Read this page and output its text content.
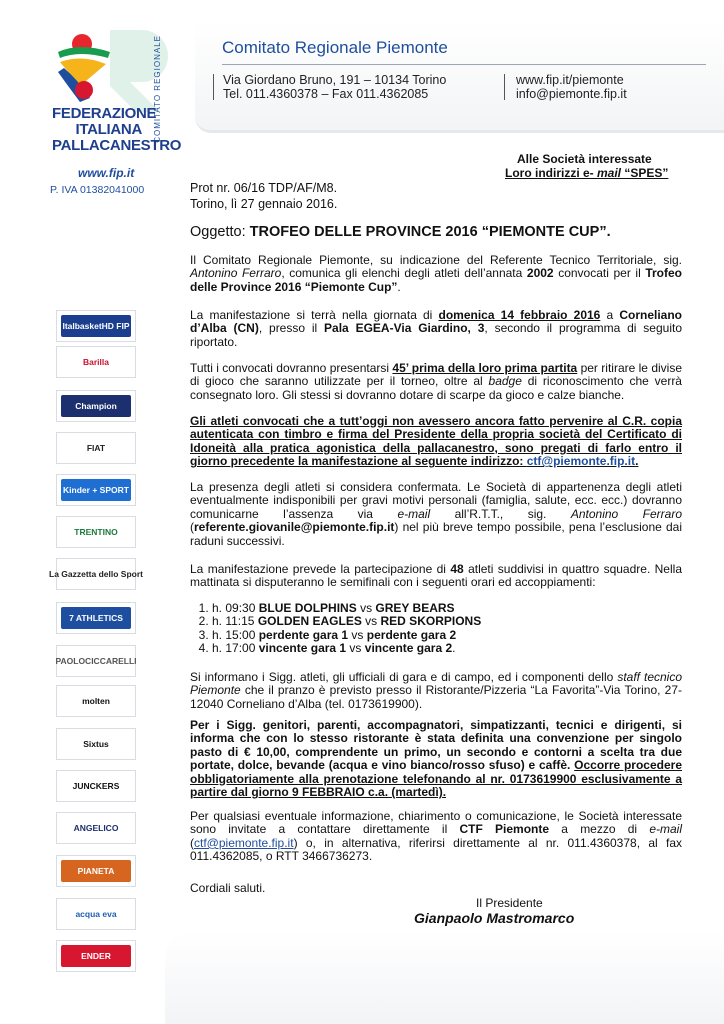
Comitato Regionale Piemonte
Via Giordano Bruno, 191 – 10134 Torino
Tel. 011.4360378 – Fax 011.4362085
www.fip.it/piemonte
info@piemonte.fip.it
COMITATO REGIONALE
FEDERAZIONE
ITALIANA
PALLACANESTRO
www.fip.it
P. IVA 01382041000
ItalbasketHD FIP
Barilla
Champion
FIAT
Kinder + SPORT
TRENTINO
La Gazzetta dello Sport
7 ATHLETICS
PAOLOCICCARELLI
molten
Sixtus
JUNCKERS
ANGELICO
PIANETA
acqua eva
ENDER
Alle Società interessate
Loro indirizzi e- mail “SPES”
Prot nr. 06/16 TDP/AF/M8.
Torino, lì 27 gennaio 2016.
Oggetto: TROFEO DELLE PROVINCE 2016 “PIEMONTE CUP”.
Il Comitato Regionale Piemonte, su indicazione del Referente Tecnico Territoriale, sig. Antonino Ferraro, comunica gli elenchi degli atleti dell’annata 2002 convocati per il Trofeo delle Province 2016 “Piemonte Cup”.
La manifestazione si terrà nella giornata di domenica 14 febbraio 2016 a Corneliano d’Alba (CN), presso il Pala EGEA-Via Giardino, 3, secondo il programma di seguito riportato.
Tutti i convocati dovranno presentarsi 45’ prima della loro prima partita per ritirare le divise di gioco che saranno utilizzate per il torneo, oltre al badge di riconoscimento che verrà consegnato loro. Gli stessi si dovranno dotare di scarpe da gioco e calze bianche.
Gli atleti convocati che a tutt’oggi non avessero ancora fatto pervenire al C.R. copia autenticata con timbro e firma del Presidente della propria società del Certificato di Idoneità alla pratica agonistica della pallacanestro, sono pregati di farlo entro il giorno precedente la manifestazione al seguente indirizzo: ctf@piemonte.fip.it.
La presenza degli atleti si considera confermata. Le Società di appartenenza degli atleti eventualmente indisponibili per gravi motivi personali (famiglia, salute, ecc. ecc.) dovranno comunicarne l’assenza via e-mail all’R.T.T., sig. Antonino Ferraro (referente.giovanile@piemonte.fip.it) nel più breve tempo possibile, pena l’esclusione dai raduni successivi.
La manifestazione prevede la partecipazione di 48 atleti suddivisi in quattro squadre. Nella mattinata si disputeranno le semifinali con i seguenti orari ed accoppiamenti:
1. h. 09:30 BLUE DOLPHINS vs GREY BEARS
2. h. 11:15 GOLDEN EAGLES vs RED SKORPIONS
3. h. 15:00 perdente gara 1 vs perdente gara 2
4. h. 17:00 vincente gara 1 vs vincente gara 2.
Si informano i Sigg. atleti, gli ufficiali di gara e di campo, ed i componenti dello staff tecnico Piemonte che il pranzo è previsto presso il Ristorante/Pizzeria “La Favorita”-Via Torino, 27-12040 Corneliano d’Alba (tel. 0173619900).
Per i Sigg. genitori, parenti, accompagnatori, simpatizzanti, tecnici e dirigenti, si informa che con lo stesso ristorante è stata definita una convenzione per singolo pasto di € 10,00, comprendente un primo, un secondo e contorni a scelta tra due portate, dolce, bevande (acqua e vino bianco/rosso sfuso) e caffè. Occorre procedere obbligatoriamente alla prenotazione telefonando al nr. 0173619900 esclusivamente a partire dal giorno 9 FEBBRAIO c.a. (martedì).
Per qualsiasi eventuale informazione, chiarimento o comunicazione, le Società interessate sono invitate a contattare direttamente il CTF Piemonte a mezzo di e-mail (ctf@piemonte.fip.it) o, in alternativa, riferirsi direttamente al nr. 011.4360378, al fax 011.4362085, o RTT 3466736273.
Cordiali saluti.
Il Presidente
Gianpaolo Mastromarco
